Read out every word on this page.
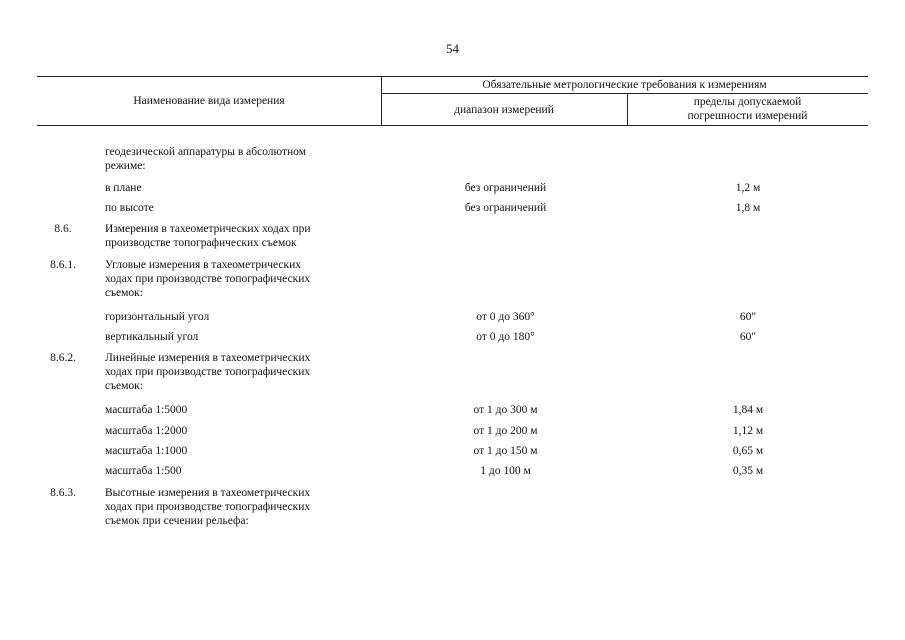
54
Наименование вида измерения
Обязательные метрологические требования к измерениям
диапазон измерений
пределы допускаемой
погрешности измерений
геодезической аппаратуры в абсолютном
режиме:
в плане	без ограничений	1,2 м
по высоте	без ограничений	1,8 м
8.6.	Измерения в тахеометрических ходах при
производстве топографических съемок
8.6.1.	Угловые измерения в тахеометрических
ходах при производстве топографических
съемок:
горизонтальный угол	от 0 до 360°	60"
вертикальный угол	от 0 до 180°	60"
8.6.2.	Линейные измерения в тахеометрических
ходах при производстве топографических
съемок:
масштаба 1:5000	от 1 до 300 м	1,84 м
масштаба 1:2000	от 1 до 200 м	1,12 м
масштаба 1:1000	от 1 до 150 м	0,65 м
масштаба 1:500	1 до 100 м	0,35 м
8.6.3.	Высотные измерения в тахеометрических
ходах при производстве топографических
съемок при сечении рельефа:
